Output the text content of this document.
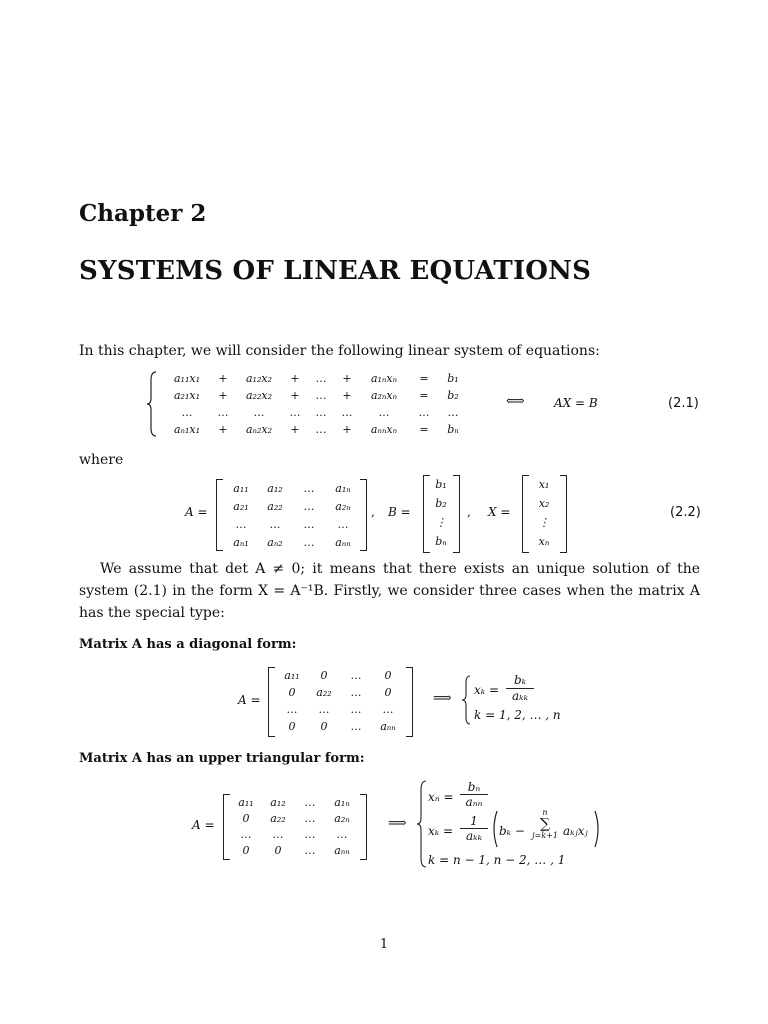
Chapter 2
SYSTEMS OF LINEAR EQUATIONS
In this chapter, we will consider the following linear system of equations:
a₁₁x₁ + a₁₂x₂ + … + a₁ₙxₙ = b₁
a₂₁x₁ + a₂₂x₂ + … + a₂ₙxₙ = b₂
… … … … … … …	… …
aₙ₁x₁ + aₙ₂x₂ + … + aₙₙxₙ = bₙ
⟺ AX = B	(2.1)
where
A =
a₁₁ a₁₂ … a₁ₙ
a₂₁ a₂₂ … a₂ₙ
… … … …
aₙ₁ aₙ₂ … aₙₙ
, B =
b₁
b₂
⋮
bₙ
, X =
x₁
x₂
⋮
xₙ
(2.2)
We assume that det A ≠ 0; it means that there exists an unique solution of the system (2.1) in the form X = A⁻¹B. Firstly, we consider three cases when the matrix A has the special type:
Matrix A has a diagonal form:
A =
a₁₁ 0 … 0
0 a₂₂ … 0
… … … …
0 0 … aₙₙ
⟹
xₖ =
bₖ
aₖₖ
k = 1, 2, … , n
Matrix A has an upper triangular form:
A =
a₁₁ a₁₂ … a₁ₙ
0 a₂₂ … a₂ₙ
… … … …
0 0 … aₙₙ
⟹
xₙ =
bₙ
aₙₙ
xₖ =
1
aₖₖ	bₖ −
n
∑
j=k+1 aₖⱼxⱼ
k = n − 1, n − 2, … , 1
1
